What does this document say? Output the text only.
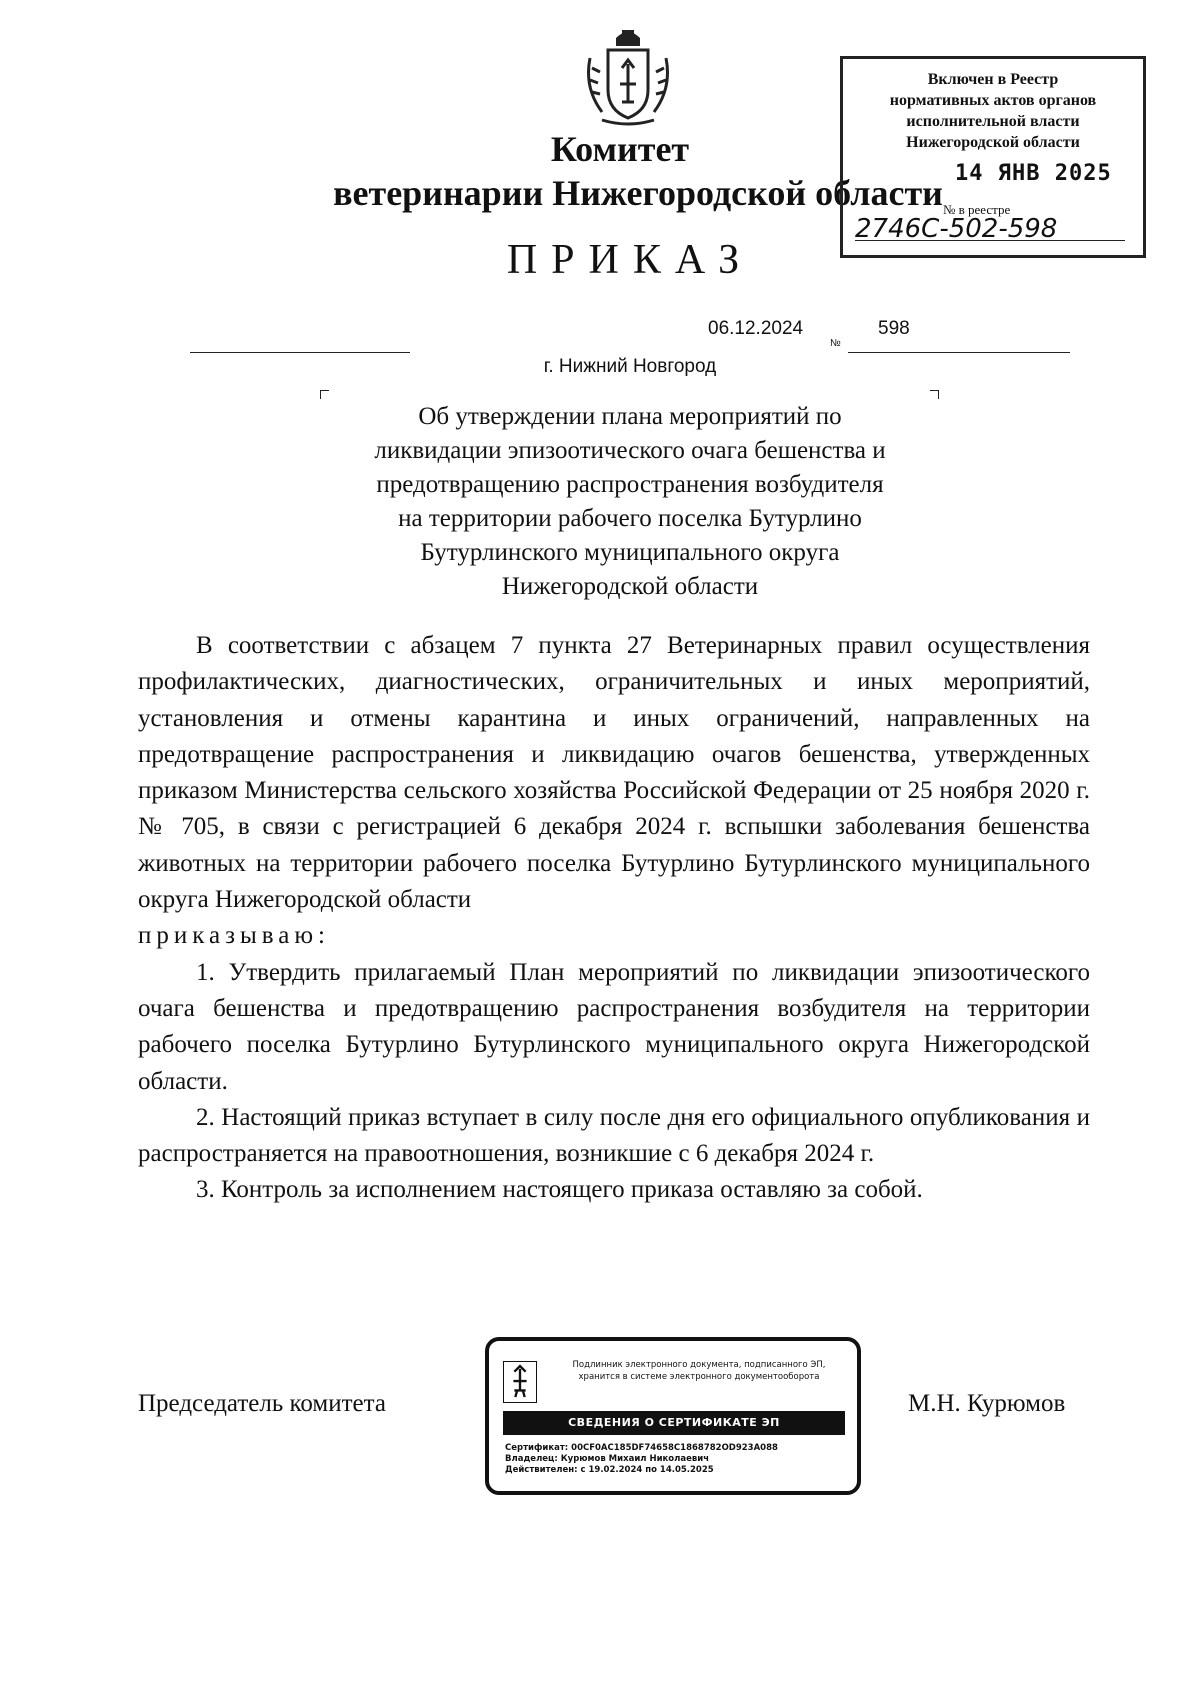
Комитет
ветеринарии Нижегородской области
ПРИКАЗ
Включен в Реестр
нормативных актов органов
исполнительной власти
Нижегородской области
14 ЯНВ 2025
№ в реестре
2746С-502-598
06.12.2024
№
598
г. Нижний Новгород
Об утверждении плана мероприятий по
ликвидации эпизоотического очага бешенства и
предотвращению распространения возбудителя
на территории рабочего поселка Бутурлино
Бутурлинского муниципального округа
Нижегородской области

В соответствии с абзацем 7 пункта 27 Ветеринарных правил осуществления профилактических, диагностических, ограничительных и иных мероприятий, установления и отмены карантина и иных ограничений, направленных на предотвращение распространения и ликвидацию очагов бешенства, утвержденных приказом Министерства сельского хозяйства Российской Федерации от 25 ноября 2020 г. № 705, в связи с регистрацией 6 декабря 2024 г. вспышки заболевания бешенства животных на территории рабочего поселка Бутурлино Бутурлинского муниципального округа Нижегородской области

приказываю:

1. Утвердить прилагаемый План мероприятий по ликвидации эпизоотического очага бешенства и предотвращению распространения возбудителя на территории рабочего поселка Бутурлино Бутурлинского муниципального округа Нижегородской области.

2. Настоящий приказ вступает в силу после дня его официального опубликования и распространяется на правоотношения, возникшие с 6 декабря 2024 г.

3. Контроль за исполнением настоящего приказа оставляю за собой.

Председатель комитета	М.Н. Курюмов
Подлинник электронного документа, подписанного ЭП,
хранится в системе электронного документооборота
СВЕДЕНИЯ О СЕРТИФИКАТЕ ЭП
Сертификат: 00CF0AC185DF74658C1868782OD923A088
Владелец: Курюмов Михаил Николаевич
Действителен: с 19.02.2024 по 14.05.2025
